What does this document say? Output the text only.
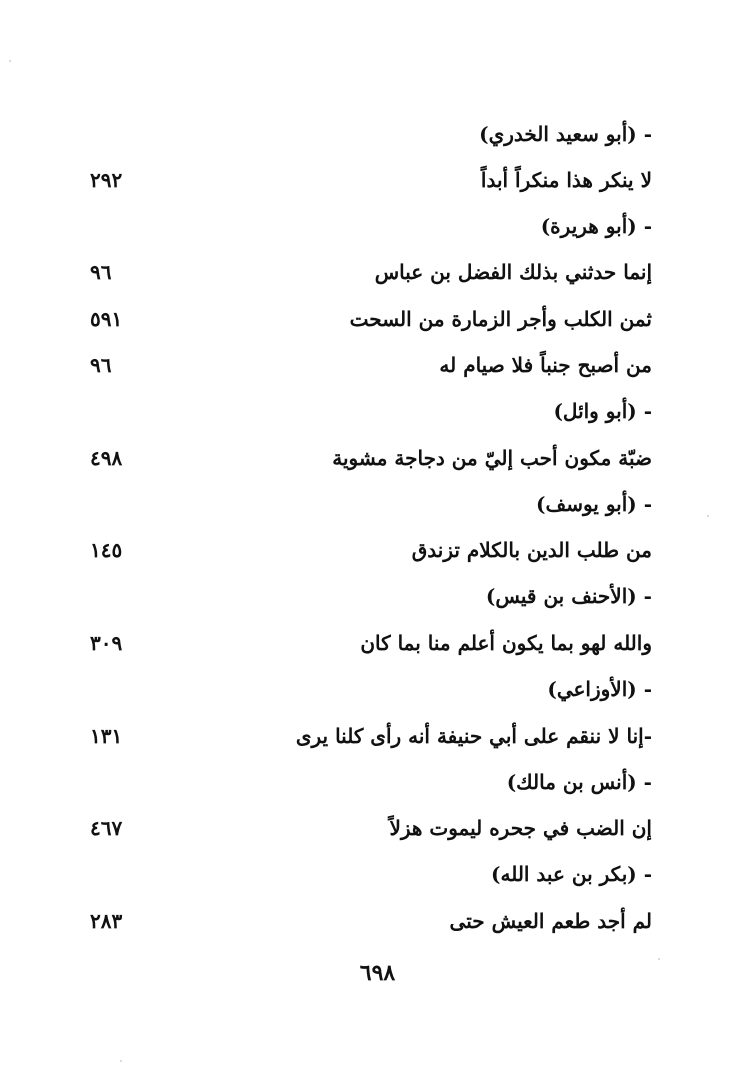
- (أبو سعيد الخدري)
لا ينكر هذا منكراً أبداً
٢٩٢
- (أبو هريرة)
إنما حدثني بذلك الفضل بن عباس
٩٦
ثمن الكلب وأجر الزمارة من السحت
٥٩١
من أصبح جنباً فلا صيام له
٩٦
- (أبو وائل)
ضبّة مكون أحب إليّ من دجاجة مشوية
٤٩٨
- (أبو يوسف)
من طلب الدين بالكلام تزندق
١٤٥
- (الأحنف بن قيس)
والله لهو بما يكون أعلم منا بما كان
٣٠٩
- (الأوزاعي)
-إنا لا ننقم على أبي حنيفة أنه رأى كلنا يرى
١٣١
- (أنس بن مالك)
إن الضب في جحره ليموت هزلاً
٤٦٧
- (بكر بن عبد الله)
لم أجد طعم العيش حتى
٢٨٣
٦٩٨
